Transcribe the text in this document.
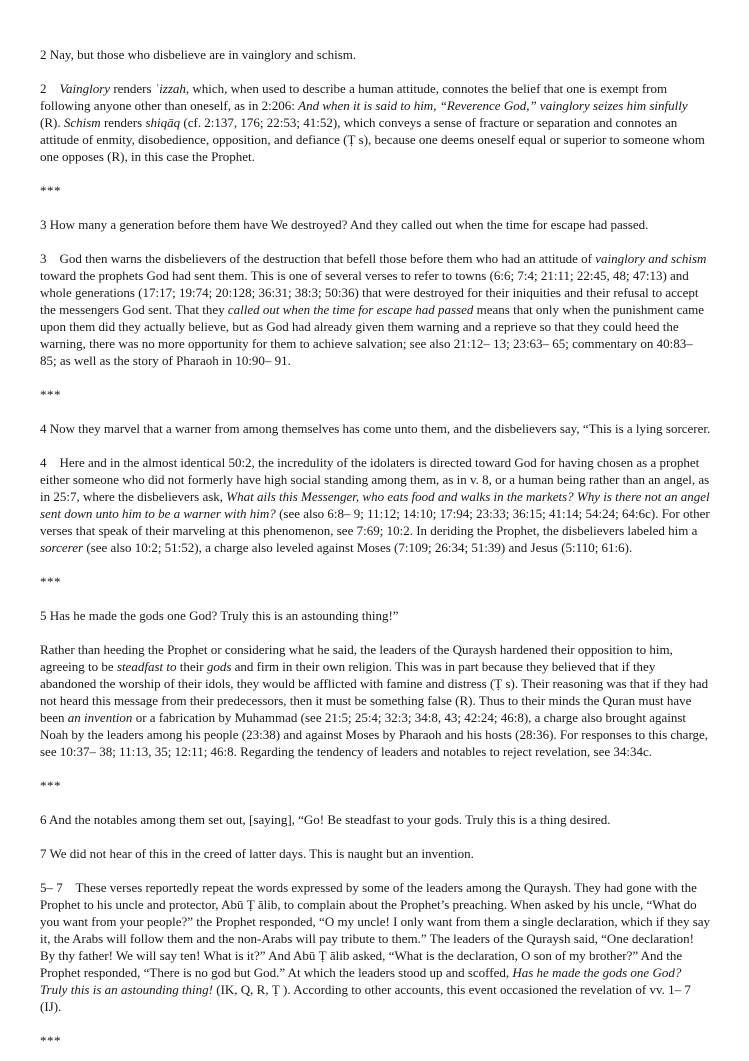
2 Nay, but those who disbelieve are in vainglory and schism.

2    Vainglory renders ʿizzah, which, when used to describe a human attitude, connotes the belief that one is exempt from following anyone other than oneself, as in 2:206: And when it is said to him, “Reverence God,” vainglory seizes him sinfully (R). Schism renders shiqāq (cf. 2:137, 176; 22:53; 41:52), which conveys a sense of fracture or separation and connotes an attitude of enmity, disobedience, opposition, and defiance (Ṭ s), because one deems oneself equal or superior to someone whom one opposes (R), in this case the Prophet.

***

3 How many a generation before them have We destroyed? And they called out when the time for escape had passed.

3    God then warns the disbelievers of the destruction that befell those before them who had an attitude of vainglory and schism toward the prophets God had sent them. This is one of several verses to refer to towns (6:6; 7:4; 21:11; 22:45, 48; 47:13) and whole generations (17:17; 19:74; 20:128; 36:31; 38:3; 50:36) that were destroyed for their iniquities and their refusal to accept the messengers God sent. That they called out when the time for escape had passed means that only when the punishment came upon them did they actually believe, but as God had already given them warning and a reprieve so that they could heed the warning, there was no more opportunity for them to achieve salvation; see also 21:12– 13; 23:63– 65; commentary on 40:83– 85; as well as the story of Pharaoh in 10:90– 91.

***

4 Now they marvel that a warner from among themselves has come unto them, and the disbelievers say, “This is a lying sorcerer.

4    Here and in the almost identical 50:2, the incredulity of the idolaters is directed toward God for having chosen as a prophet either someone who did not formerly have high social standing among them, as in v. 8, or a human being rather than an angel, as in 25:7, where the disbelievers ask, What ails this Messenger, who eats food and walks in the markets? Why is there not an angel sent down unto him to be a warner with him? (see also 6:8– 9; 11:12; 14:10; 17:94; 23:33; 36:15; 41:14; 54:24; 64:6c). For other verses that speak of their marveling at this phenomenon, see 7:69; 10:2. In deriding the Prophet, the disbelievers labeled him a sorcerer (see also 10:2; 51:52), a charge also leveled against Moses (7:109; 26:34; 51:39) and Jesus (5:110; 61:6).

***

5 Has he made the gods one God? Truly this is an astounding thing!”

Rather than heeding the Prophet or considering what he said, the leaders of the Quraysh hardened their opposition to him, agreeing to be steadfast to their gods and firm in their own religion. This was in part because they believed that if they abandoned the worship of their idols, they would be afflicted with famine and distress (Ṭ s). Their reasoning was that if they had not heard this message from their predecessors, then it must be something false (R). Thus to their minds the Quran must have been an invention or a fabrication by Muhammad (see 21:5; 25:4; 32:3; 34:8, 43; 42:24; 46:8), a charge also brought against Noah by the leaders among his people (23:38) and against Moses by Pharaoh and his hosts (28:36). For responses to this charge, see 10:37– 38; 11:13, 35; 12:11; 46:8. Regarding the tendency of leaders and notables to reject revelation, see 34:34c.

***

6 And the notables among them set out, [saying], “Go! Be steadfast to your gods. Truly this is a thing desired.

7 We did not hear of this in the creed of latter days. This is naught but an invention.

5– 7    These verses reportedly repeat the words expressed by some of the leaders among the Quraysh. They had gone with the Prophet to his uncle and protector, Abū Ṭ ālib, to complain about the Prophet’s preaching. When asked by his uncle, “What do you want from your people?” the Prophet responded, “O my uncle! I only want from them a single declaration, which if they say it, the Arabs will follow them and the non-Arabs will pay tribute to them.” The leaders of the Quraysh said, “One declaration! By thy father! We will say ten! What is it?” And Abū Ṭ ālib asked, “What is the declaration, O son of my brother?” And the Prophet responded, “There is no god but God.” At which the leaders stood up and scoffed, Has he made the gods one God? Truly this is an astounding thing! (IK, Q, R, Ṭ ). According to other accounts, this event occasioned the revelation of vv. 1– 7 (IJ).

***
